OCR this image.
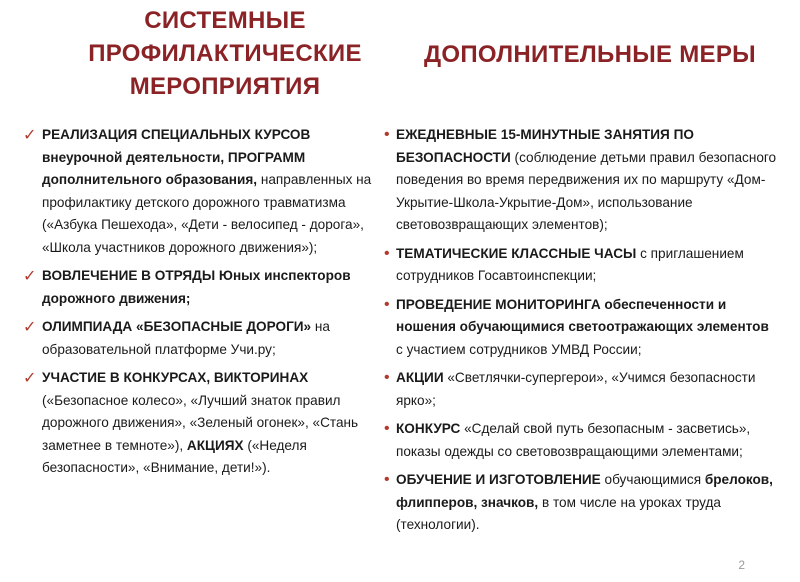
СИСТЕМНЫЕ
ПРОФИЛАКТИЧЕСКИЕ
МЕРОПРИЯТИЯ
ДОПОЛНИТЕЛЬНЫЕ МЕРЫ
✓ РЕАЛИЗАЦИЯ СПЕЦИАЛЬНЫХ КУРСОВ внеурочной деятельности, ПРОГРАММ дополнительного образования, направленных на профилактику детского дорожного травматизма («Азбука Пешехода», «Дети - велосипед - дорога», «Школа участников дорожного движения»);
✓ ВОВЛЕЧЕНИЕ В ОТРЯДЫ Юных инспекторов дорожного движения;
✓ ОЛИМПИАДА «БЕЗОПАСНЫЕ ДОРОГИ» на образовательной платформе Учи.ру;
✓ УЧАСТИЕ В КОНКУРСАХ, ВИКТОРИНАХ («Безопасное колесо», «Лучший знаток правил дорожного движения», «Зеленый огонек», «Стань заметнее в темноте»), АКЦИЯХ («Неделя безопасности», «Внимание, дети!»).
• ЕЖЕДНЕВНЫЕ 15-МИНУТНЫЕ ЗАНЯТИЯ ПО БЕЗОПАСНОСТИ (соблюдение детьми правил безопасного поведения во время передвижения их по маршруту «Дом-Укрытие-Школа-Укрытие-Дом», использование световозвращающих элементов);
• ТЕМАТИЧЕСКИЕ КЛАССНЫЕ ЧАСЫ с приглашением сотрудников Госавтоинспекции;
• ПРОВЕДЕНИЕ МОНИТОРИНГА обеспеченности и ношения обучающимися светоотражающих элементов с участием сотрудников УМВД России;
• АКЦИИ «Светлячки-супергерои», «Учимся безопасности ярко»;
• КОНКУРС «Сделай свой путь безопасным - засветись», показы одежды со световозвращающими элементами;
• ОБУЧЕНИЕ И ИЗГОТОВЛЕНИЕ обучающимися брелоков, флипперов, значков, в том числе на уроках труда (технологии).
2
